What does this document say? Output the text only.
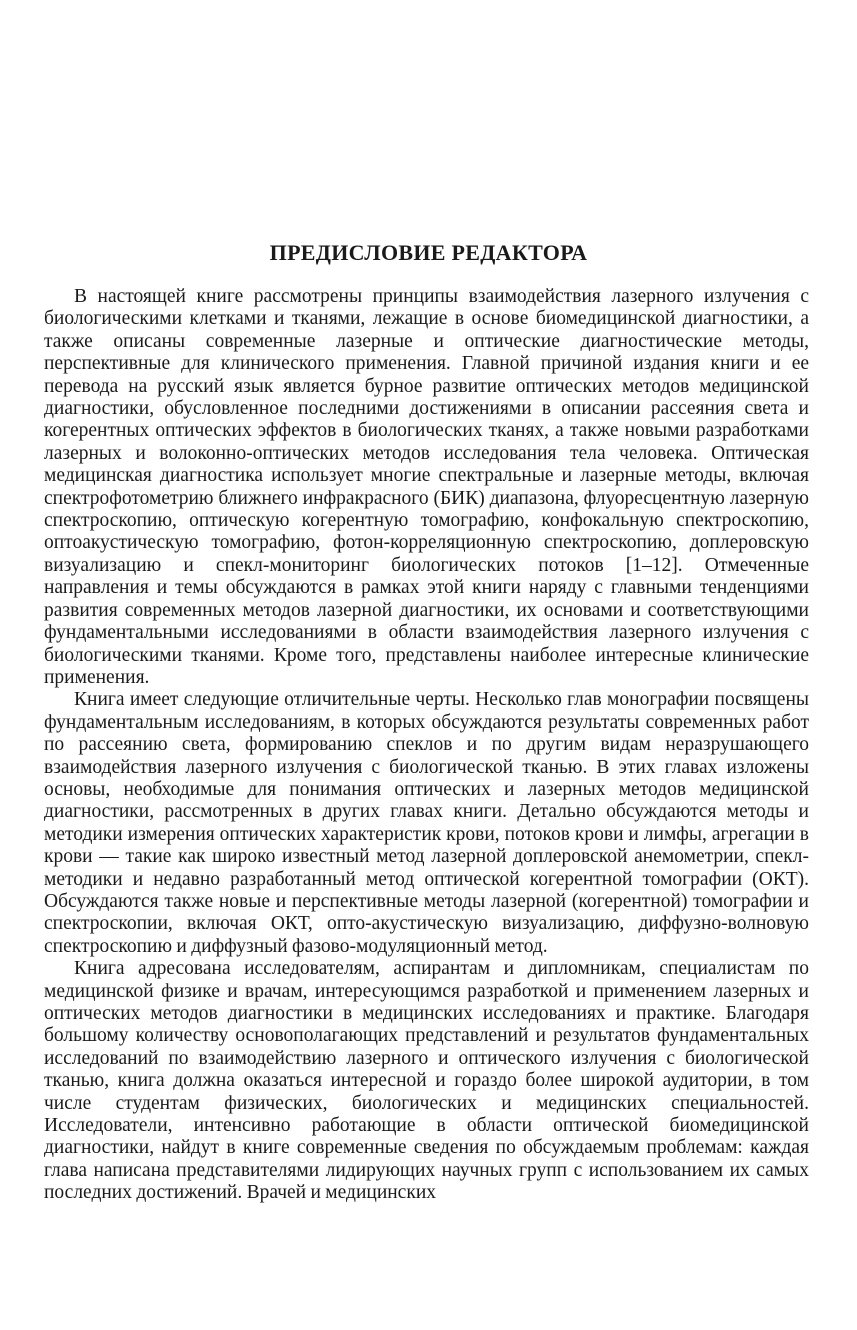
ПРЕДИСЛОВИЕ РЕДАКТОРА

В настоящей книге рассмотрены принципы взаимодействия лазерного излучения с биологическими клетками и тканями, лежащие в основе биомедицинской диагностики, а также описаны современные лазерные и оптические диагностические методы, перспективные для клинического применения. Главной причиной издания книги и ее перевода на русский язык является бурное развитие оптических методов медицинской диагностики, обусловленное последними достижениями в описании рассеяния света и когерентных оптических эффектов в биологических тканях, а также новыми разработками лазерных и волоконно-оптических методов исследования тела человека. Оптическая медицинская диагностика использует многие спектральные и лазерные методы, включая спектрофотометрию ближнего инфракрасного (БИК) диапазона, флуоресцентную лазерную спектроскопию, оптическую когерентную томографию, конфокальную спектроскопию, оптоакустическую томографию, фотон-корреляционную спектроскопию, доплеровскую визуализацию и спекл-мониторинг биологических потоков [1–12]. Отмеченные направления и темы обсуждаются в рамках этой книги наряду с главными тенденциями развития современных методов лазерной диагностики, их основами и соответствующими фундаментальными исследованиями в области взаимодействия лазерного излучения с биологическими тканями. Кроме того, представлены наиболее интересные клинические применения.

Книга имеет следующие отличительные черты. Несколько глав монографии посвящены фундаментальным исследованиям, в которых обсуждаются результаты современных работ по рассеянию света, формированию спеклов и по другим видам неразрушающего взаимодействия лазерного излучения с биологической тканью. В этих главах изложены основы, необходимые для понимания оптических и лазерных методов медицинской диагностики, рассмотренных в других главах книги. Детально обсуждаются методы и методики измерения оптических характеристик крови, потоков крови и лимфы, агрегации в крови — такие как широко известный метод лазерной доплеровской анемометрии, спекл-методики и недавно разработанный метод оптической когерентной томографии (ОКТ). Обсуждаются также новые и перспективные методы лазерной (когерентной) томографии и спектроскопии, включая ОКТ, опто-акустическую визуализацию, диффузно-волновую спектроскопию и диффузный фазово-модуляционный метод.

Книга адресована исследователям, аспирантам и дипломникам, специалистам по медицинской физике и врачам, интересующимся разработкой и применением лазерных и оптических методов диагностики в медицинских исследованиях и практике. Благодаря большому количеству основополагающих представлений и результатов фундаментальных исследований по взаимодействию лазерного и оптического излучения с биологической тканью, книга должна оказаться интересной и гораздо более широкой аудитории, в том числе студентам физических, биологических и медицинских специальностей. Исследователи, интенсивно работающие в области оптической биомедицинской диагностики, найдут в книге современные сведения по обсуждаемым проблемам: каждая глава написана представителями лидирующих научных групп с использованием их самых последних достижений. Врачей и медицинских
